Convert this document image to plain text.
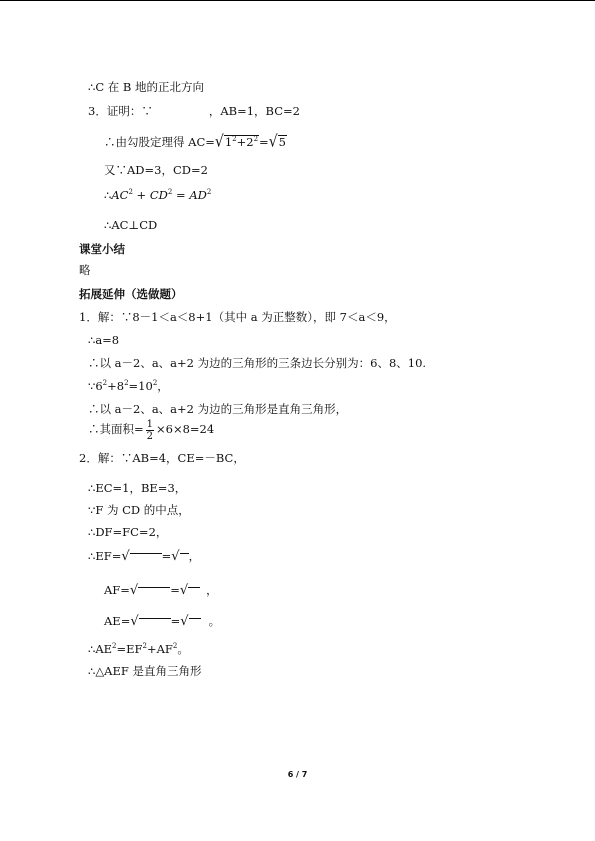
∴C 在 B 地的正北方向
3．证明：∵	，AB=1，BC=2
∴由勾股定理得 $AC=√1^2+2^2=√5$
又∵AD=3，CD=2
$\therefore AC^2 + CD^2 = AD^2$
∴AC⊥CD
课堂小结
略
拓展延伸（选做题）
1．解：∵8－1＜a＜8+1（其中 a 为正整数），即 7＜a＜9，
∴a=8
∴以 a－2、a、a+2 为边的三角形的三条边长分别为：6、8、10.
$\because 6^2+8^2=10^2$，
∴以 a－2、a、a+2 为边的三角形是直角三角形，
∴其面积= $\frac{1}{2} \times 6\times 8=24$
2．解：∵AB=4，CE=－BC，
∴EC=1，BE=3，
∵F 为 CD 的中点，
∴DF=FC=2，
∴EF=√	=√ ，
AF=√	=√ ，
AE=√	=√ 。
$\therefore AE^2=EF^2+AF^2$。
∴△AEF 是直角三角形
6 / 7
